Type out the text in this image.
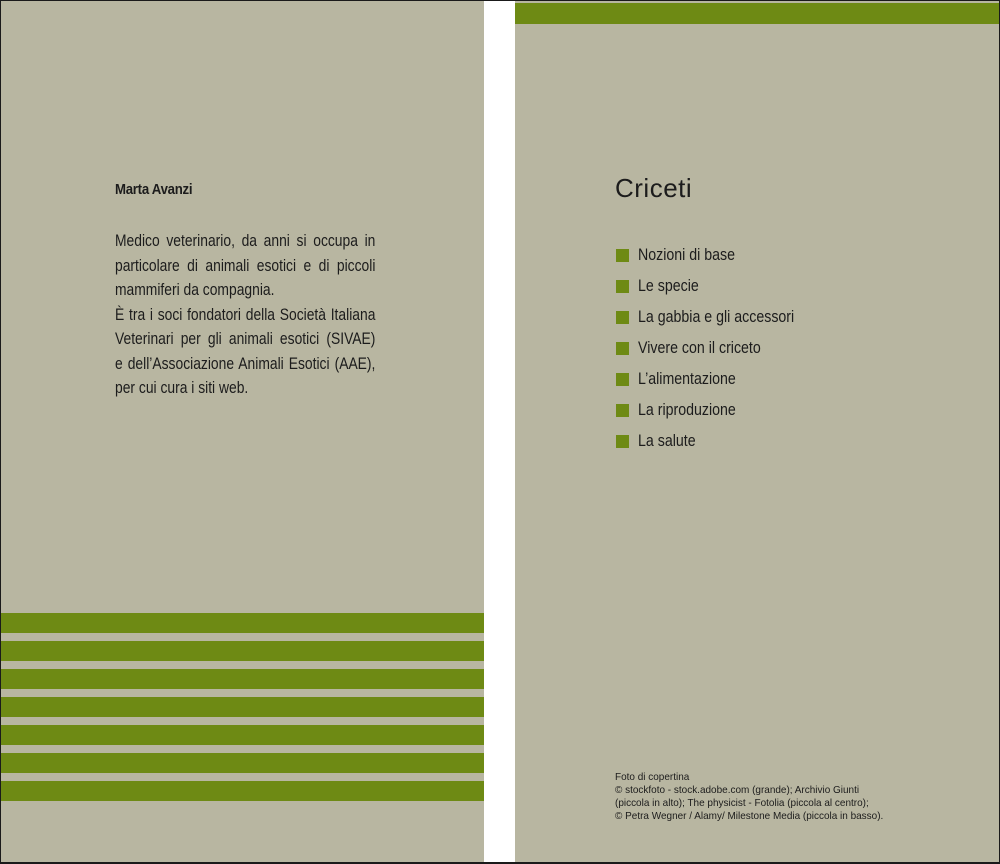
Marta Avanzi

Medico veterinario, da anni si occupa in

particolare di animali esotici e di piccoli

mammiferi da compagnia.

È tra i soci fondatori della Società Italiana

Veterinari per gli animali esotici (SIVAE)

e dell’Associazione Animali Esotici (AAE),

per cui cura i siti web.

Criceti
Nozioni di base
Le specie
La gabbia e gli accessori
Vivere con il criceto
L’alimentazione
La riproduzione
La salute
Foto di copertina
© stockfoto - stock.adobe.com (grande); Archivio Giunti
(piccola in alto); The physicist - Fotolia (piccola al centro);
© Petra Wegner / Alamy/ Milestone Media (piccola in basso).
